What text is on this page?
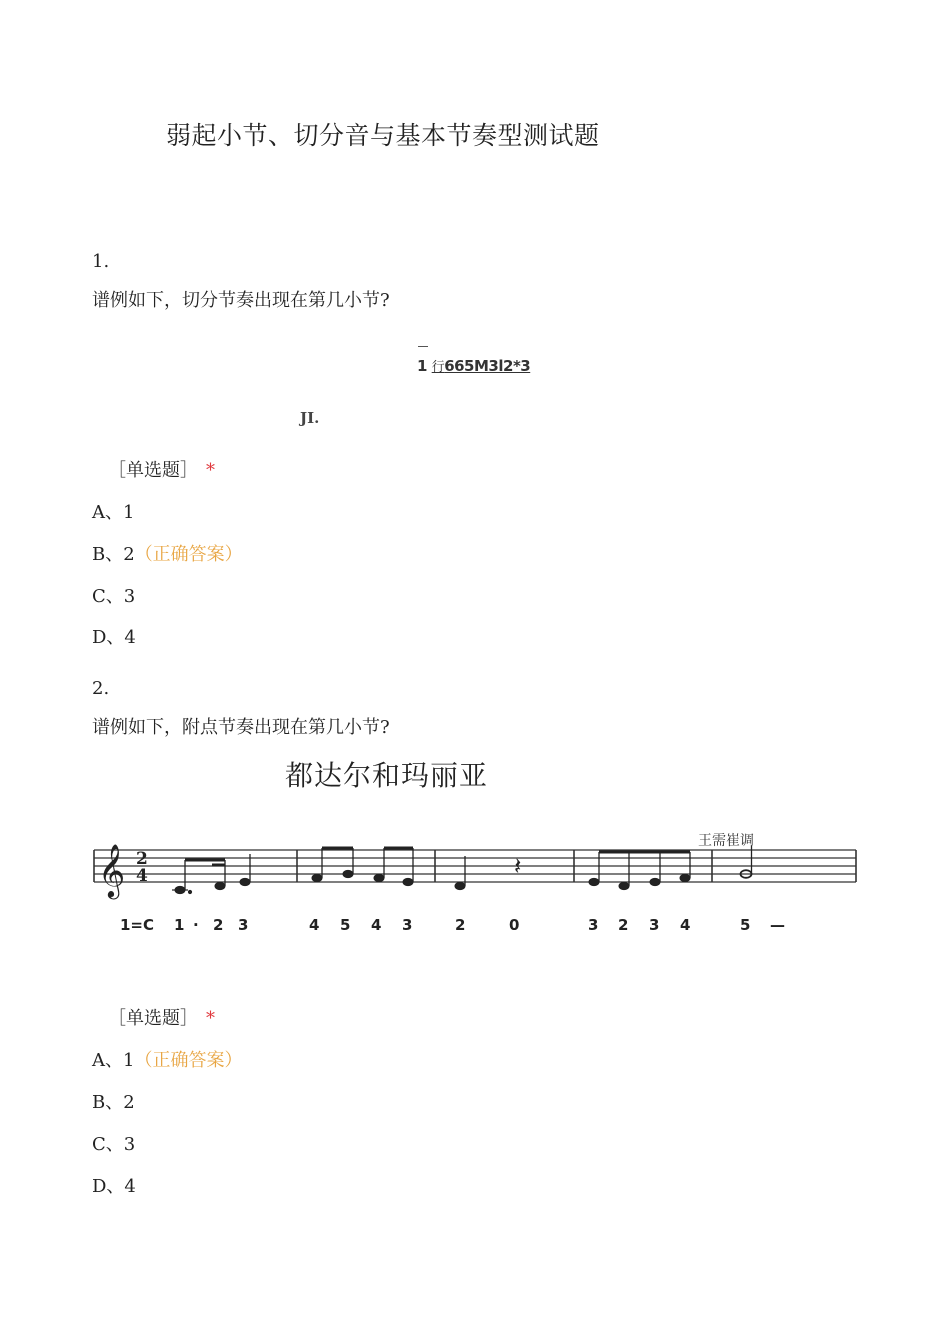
弱起小节、切分音与基本节奏型测试题
1.
谱例如下，切分节奏出现在第几小节?
1 行665M3l2*3
JI.
［单选题］ *
A、1
B、2（正确答案）
C、3
D、4
2.
谱例如下，附点节奏出现在第几小节?
都达尔和玛丽亚
王需崔调
𝄞 2
4	𝄽
1=C 1 · 2 3	4 5 4 3	2	0	3 2 3 4	5 —
［单选题］ *
A、1（正确答案）
B、2
C、3
D、4
